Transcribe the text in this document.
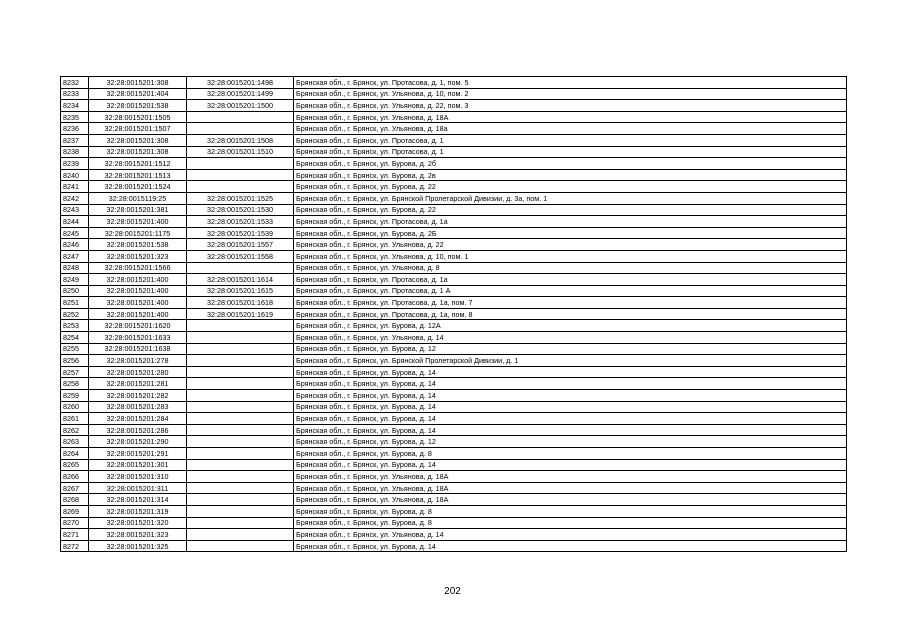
8232	32:28:0015201:308	32:28:0015201:1498	Брянская обл., г. Брянск, ул. Протасова, д. 1, пом. 5
8233	32:28:0015201:404	32:28:0015201:1499	Брянская обл., г. Брянск, ул. Ульянова, д. 10, пом. 2
8234	32:28:0015201:538	32:28:0015201:1500	Брянская обл., г. Брянск, ул. Ульянова, д. 22, пом. 3
8235	32:28:0015201:1505		Брянская обл., г. Брянск, ул. Ульянова, д. 18А
8236	32:28:0015201:1507		Брянская обл., г. Брянск, ул. Ульянова, д. 18а
8237	32:28:0015201:308	32:28:0015201:1508	Брянская обл., г. Брянск, ул. Протасова, д. 1
8238	32:28:0015201:308	32:28:0015201:1510	Брянская обл., г. Брянск, ул. Протасова, д. 1
8239	32:28:0015201:1512		Брянская обл., г. Брянск, ул. Бурова, д. 2б
8240	32:28:0015201:1513		Брянская обл., г. Брянск, ул. Бурова, д. 2в
8241	32:28:0015201:1524		Брянская обл., г. Брянск, ул. Бурова, д. 22
8242	32:28:0015119:25	32:28:0015201:1525	Брянская обл., г. Брянск, ул. Брянской Пролетарской Дивизии, д. 3а, пом. 1
8243	32:28:0015201:381	32:28:0015201:1530	Брянская обл., г. Брянск, ул. Бурова, д. 22
8244	32:28:0015201:400	32:28:0015201:1533	Брянская обл., г. Брянск, ул. Протасова, д. 1а
8245	32:28:0015201:1175	32:28:0015201:1539	Брянская обл., г. Брянск, ул. Бурова, д. 2Б
8246	32:28:0015201:538	32:28:0015201:1557	Брянская обл., г. Брянск, ул. Ульянова, д. 22
8247	32:28:0015201:323	32:28:0015201:1558	Брянская обл., г. Брянск, ул. Ульянова, д. 10, пом. 1
8248	32:28:0015201:1566		Брянская обл., г. Брянск, ул. Ульянова, д. 8
8249	32:28:0015201:400	32:28:0015201:1614	Брянская обл., г. Брянск, ул. Протасова, д. 1а
8250	32:28:0015201:400	32:28:0015201:1615	Брянская обл., г. Брянск, ул. Протасова, д. 1 А
8251	32:28:0015201:400	32:28:0015201:1618	Брянская обл., г. Брянск, ул. Протасова, д. 1а, пом. 7
8252	32:28:0015201:400	32:28:0015201:1619	Брянская обл., г. Брянск, ул. Протасова, д. 1а, пом. 8
8253	32:28:0015201:1620		Брянская обл., г. Брянск, ул. Бурова, д. 12А
8254	32:28:0015201:1633		Брянская обл., г. Брянск, ул. Ульянова, д. 14
8255	32:28:0015201:1638		Брянская обл., г. Брянск, ул. Бурова, д. 12
8256	32:28:0015201:278		Брянская обл., г. Брянск, ул. Брянской Пролетарской Дивизии, д. 1
8257	32:28:0015201:280		Брянская обл., г. Брянск, ул. Бурова, д. 14
8258	32:28:0015201:281		Брянская обл., г. Брянск, ул. Бурова, д. 14
8259	32:28:0015201:282		Брянская обл., г. Брянск, ул. Бурова, д. 14
8260	32:28:0015201:283		Брянская обл., г. Брянск, ул. Бурова, д. 14
8261	32:28:0015201:284		Брянская обл., г. Брянск, ул. Бурова, д. 14
8262	32:28:0015201:286		Брянская обл., г. Брянск, ул. Бурова, д. 14
8263	32:28:0015201:290		Брянская обл., г. Брянск, ул. Бурова, д. 12
8264	32:28:0015201:291		Брянская обл., г. Брянск, ул. Бурова, д. 8
8265	32:28:0015201:301		Брянская обл., г. Брянск, ул. Бурова, д. 14
8266	32:28:0015201:310		Брянская обл., г. Брянск, ул. Ульянова, д. 18А
8267	32:28:0015201:311		Брянская обл., г. Брянск, ул. Ульянова, д. 18А
8268	32:28:0015201:314		Брянская обл., г. Брянск, ул. Ульянова, д. 18А
8269	32:28:0015201:319		Брянская обл., г. Брянск, ул. Бурова, д. 8
8270	32:28:0015201:320		Брянская обл., г. Брянск, ул. Бурова, д. 8
8271	32:28:0015201:323		Брянская обл., г. Брянск, ул. Ульянова, д. 14
8272	32:28:0015201:325		Брянская обл., г. Брянск, ул. Бурова, д. 14
202
